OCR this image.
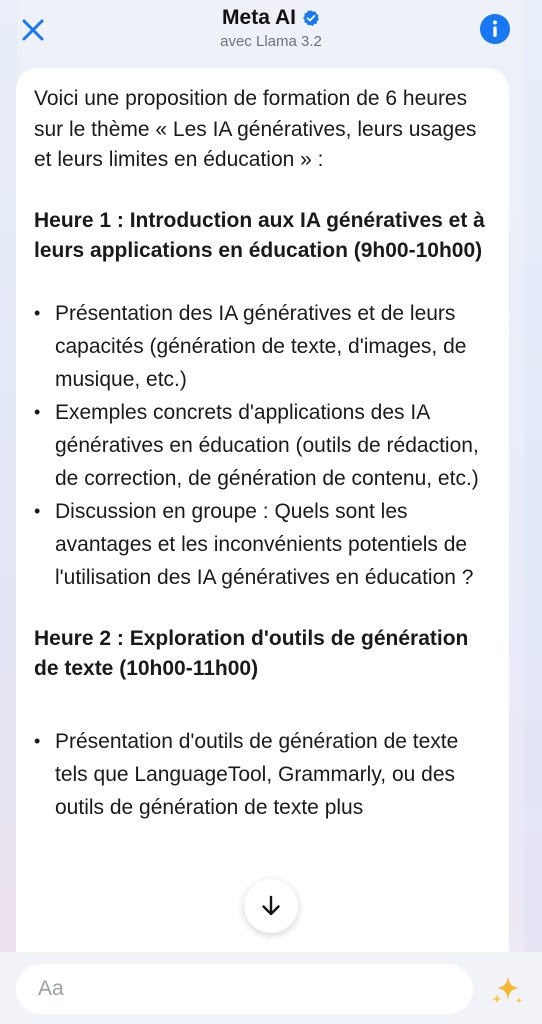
Meta AI
avec Llama 3.2

Voici une proposition de formation de 6 heures sur le thème « Les IA génératives, leurs usages et leurs limites en éducation » :

Heure 1 : Introduction aux IA génératives et à leurs applications en éducation (9h00-10h00)

• Présentation des IA génératives et de leurs capacités (génération de texte, d'images, de musique, etc.)
• Exemples concrets d'applications des IA génératives en éducation (outils de rédaction, de correction, de génération de contenu, etc.)
• Discussion en groupe : Quels sont les avantages et les inconvénients potentiels de l'utilisation des IA génératives en éducation ?

Heure 2 : Exploration d'outils de génération de texte (10h00-11h00)

• Présentation d'outils de génération de texte tels que LanguageTool, Grammarly, ou des outils de génération de texte plus
Aa
